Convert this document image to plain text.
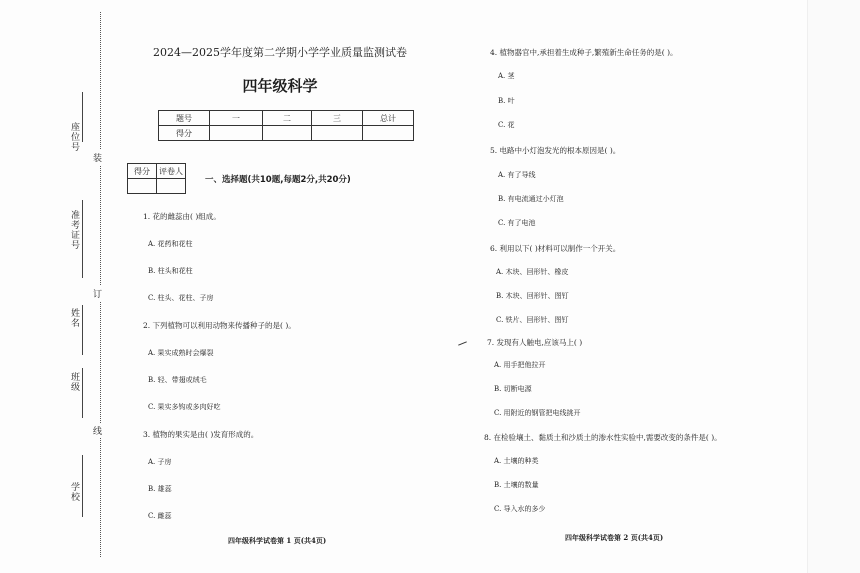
装
订
线
座位号
准考证号
姓名
班级
学校
2024—2025学年度第二学期小学学业质量监测试卷
四年级科学
题号	一	二	三	总计
得分				
得分	评卷人

一、选择题(共10题,每题2分,共20分)
1. 花的雌蕊由( )组成。
A. 花药和花柱
B. 柱头和花柱
C. 柱头、花柱、子房
2. 下列植物可以利用动物来传播种子的是( )。
A. 果实成熟时会爆裂
B. 轻、带翅或绒毛
C. 果实多钩或多肉好吃
3. 植物的果实是由( )发育形成的。
A. 子房
B. 雄蕊
C. 雌蕊
4. 植物器官中,承担着生成种子,繁殖新生命任务的是( )。
A. 茎
B. 叶
C. 花
5. 电路中小灯泡发光的根本原因是( )。
A. 有了导线
B. 有电流通过小灯泡
C. 有了电池
6. 利用以下( )材料可以制作一个开关。
A. 木块、回形针、橡皮
B. 木块、回形针、图钉
C. 铁片、回形针、图钉
7. 发现有人触电,应该马上( )
A. 用手把他拉开
B. 切断电源
C. 用附近的钢管把电线挑开
8. 在检验壤土、黏质土和沙质土的渗水性实验中,需要改变的条件是( )。
A. 土壤的种类
B. 土壤的数量
C. 导入水的多少
四年级科学试卷第 1 页(共4页)	四年级科学试卷第 2 页(共4页)
